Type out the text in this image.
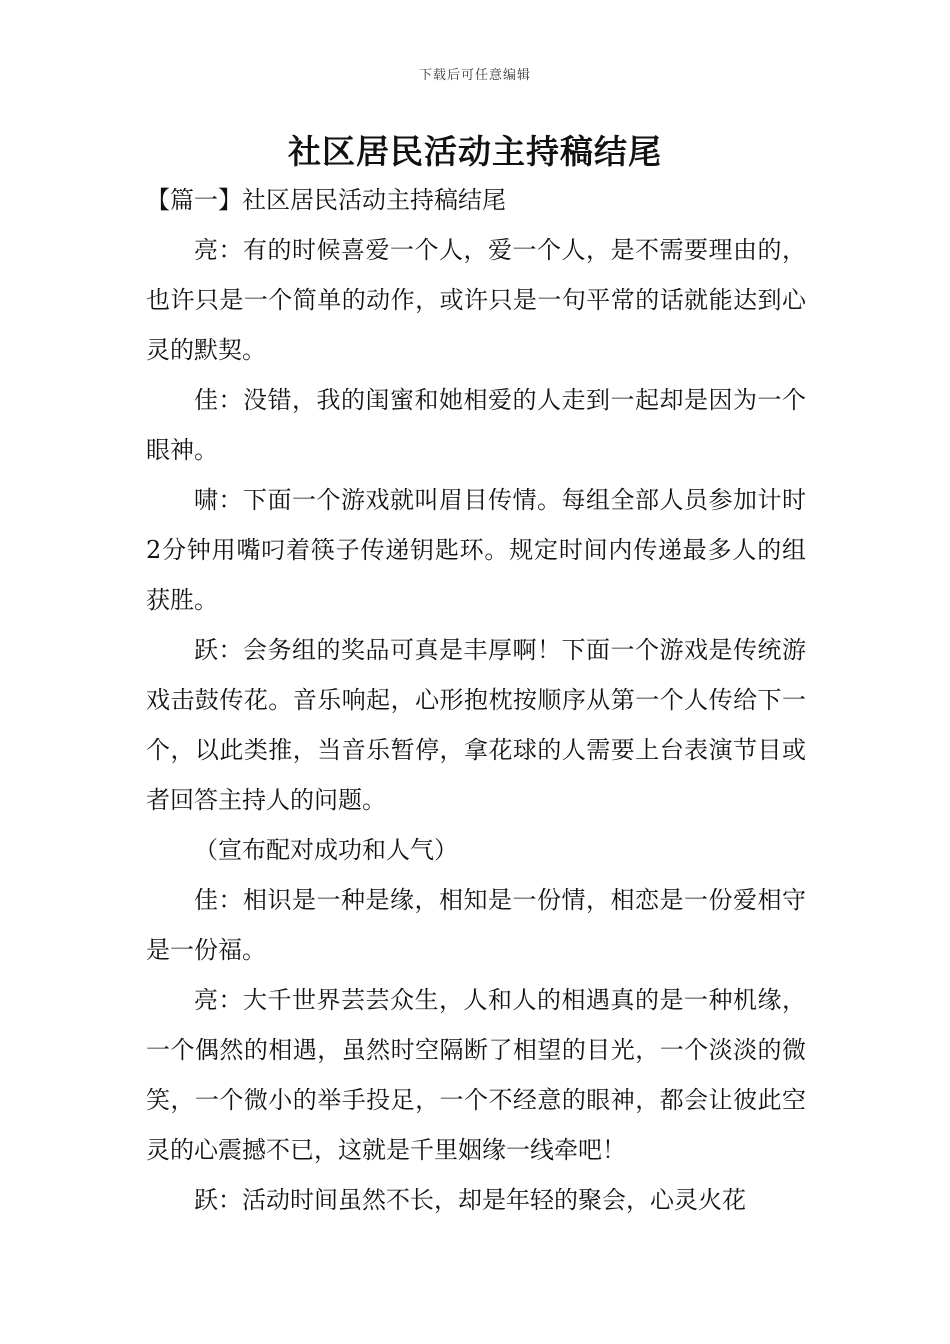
下载后可任意编辑
社区居民活动主持稿结尾
【篇一】社区居民活动主持稿结尾

亮：有的时候喜爱一个人，爱一个人，是不需要理由的，也许只是一个简单的动作，或许只是一句平常的话就能达到心灵的默契。

佳：没错，我的闺蜜和她相爱的人走到一起却是因为一个眼神。

啸：下面一个游戏就叫眉目传情。每组全部人员参加计时2分钟用嘴叼着筷子传递钥匙环。规定时间内传递最多人的组获胜。

跃：会务组的奖品可真是丰厚啊！下面一个游戏是传统游戏击鼓传花。音乐响起，心形抱枕按顺序从第一个人传给下一个，以此类推，当音乐暂停，拿花球的人需要上台表演节目或者回答主持人的问题。

（宣布配对成功和人气）

佳：相识是一种是缘，相知是一份情，相恋是一份爱相守是一份福。

亮：大千世界芸芸众生，人和人的相遇真的是一种机缘，一个偶然的相遇，虽然时空隔断了相望的目光，一个淡淡的微笑，一个微小的举手投足，一个不经意的眼神，都会让彼此空灵的心震撼不已，这就是千里姻缘一线牵吧！

跃：活动时间虽然不长，却是年轻的聚会，心灵火花
